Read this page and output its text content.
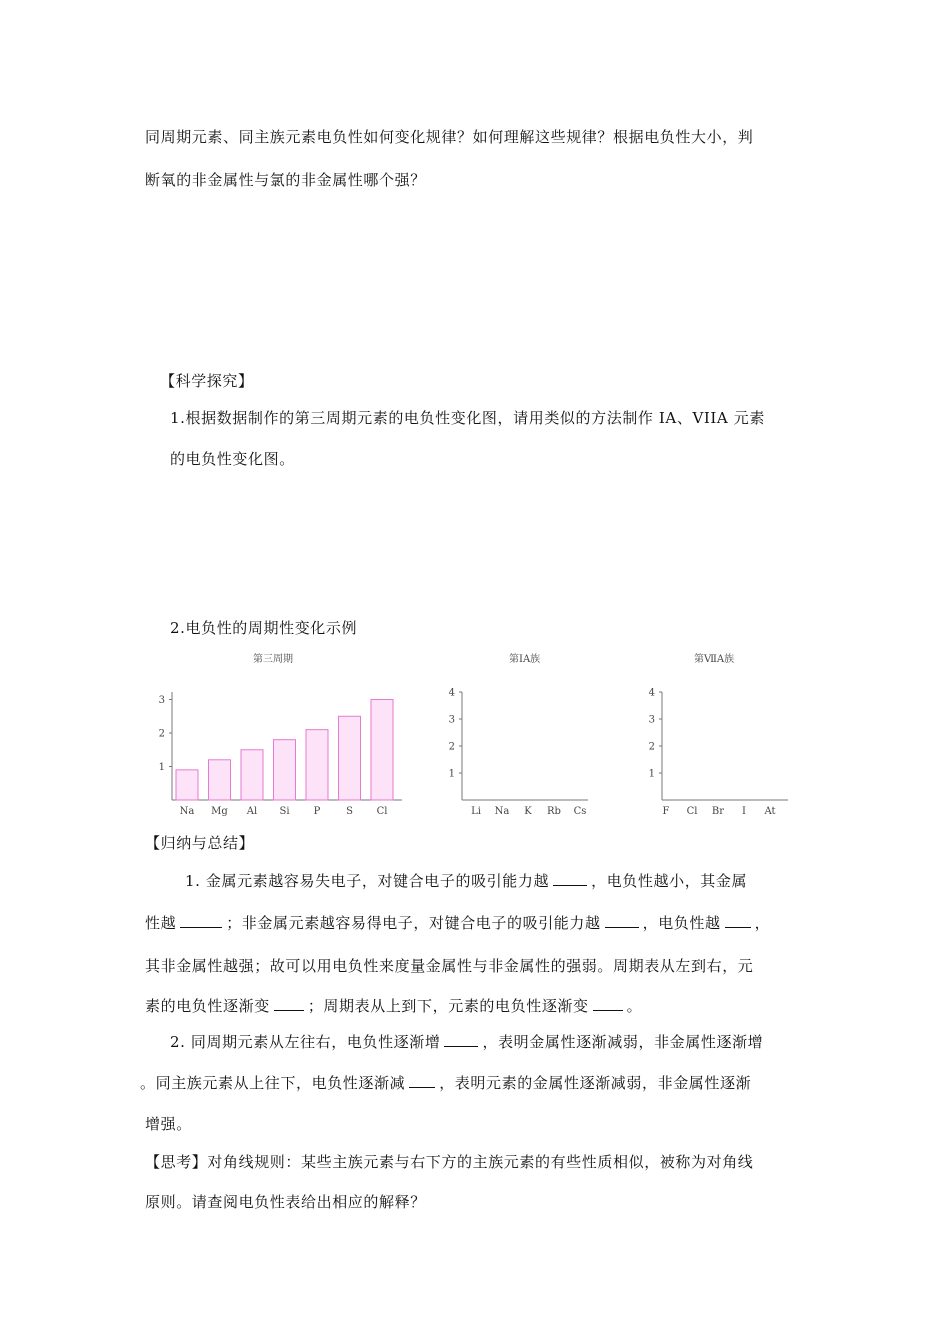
同周期元素、同主族元素电负性如何变化规律？如何理解这些规律？根据电负性大小，判
断氧的非金属性与氯的非金属性哪个强？
【科学探究】
1.根据数据制作的第三周期元素的电负性变化图，请用类似的方法制作 IA、VIIA 元素
的电负性变化图。
2.电负性的周期性变化示例
第三周期	第ⅠA族	第ⅦA族
1
2
3
Na Mg Al Si P	S Cl
1
2
3
4
Li Na K Rb Cs
1
2
3
4
F Cl Br I At
【归纳与总结】
1. 金属元素越容易失电子，对键合电子的吸引能力越	，电负性越小，其金属
性越	；非金属元素越容易得电子，对键合电子的吸引能力越	，电负性越 ，
其非金属性越强；故可以用电负性来度量金属性与非金属性的强弱。周期表从左到右，元
素的电负性逐渐变	；周期表从上到下，元素的电负性逐渐变	。
2. 同周期元素从左往右，电负性逐渐增	，表明金属性逐渐减弱，非金属性逐渐增
。同主族元素从上往下，电负性逐渐减 ，表明元素的金属性逐渐减弱，非金属性逐渐
增强。
【思考】对角线规则：某些主族元素与右下方的主族元素的有些性质相似，被称为对角线
原则。请查阅电负性表给出相应的解释？
